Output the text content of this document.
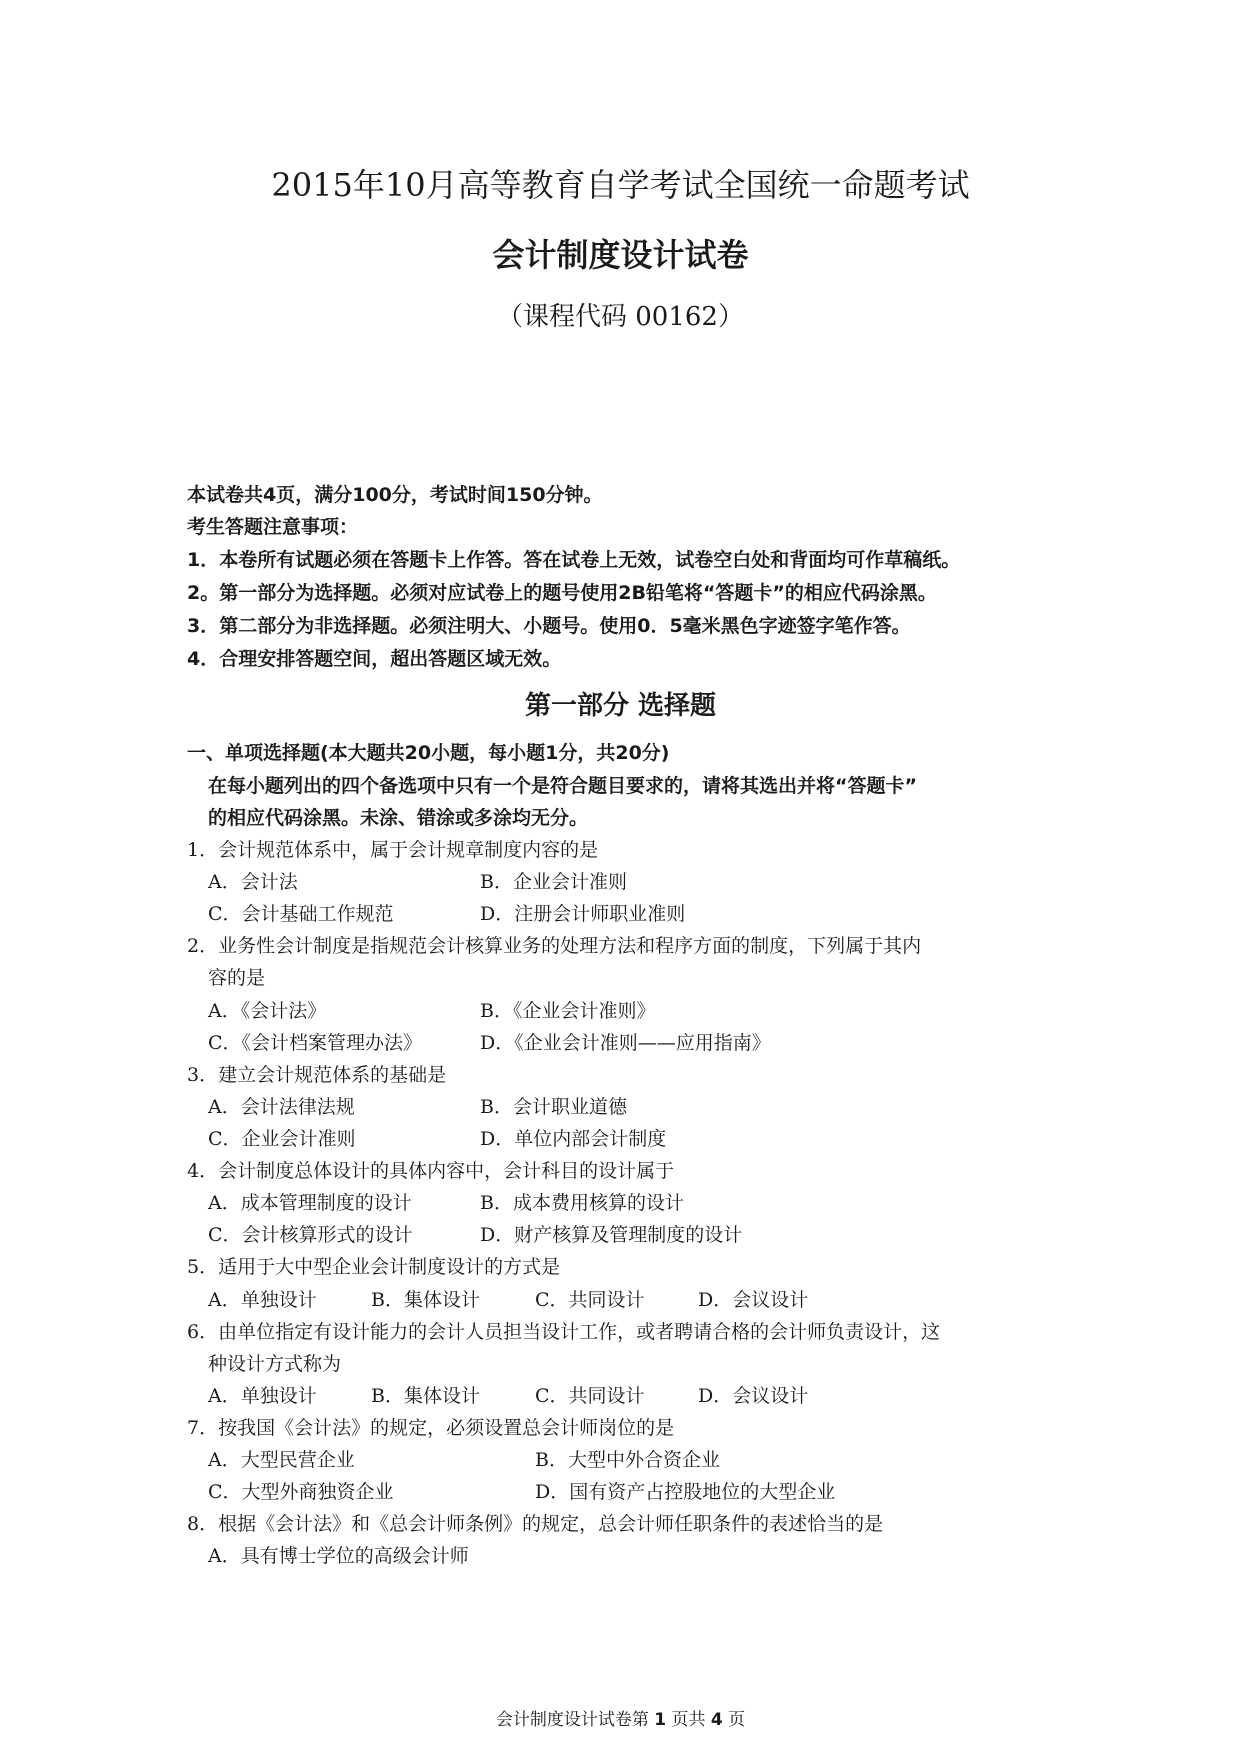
2015年10月高等教育自学考试全国统一命题考试
会计制度设计试卷
（课程代码 00162）
本试卷共4页，满分100分，考试时间150分钟。
考生答题注意事项：
1．本卷所有试题必须在答题卡上作答。答在试卷上无效，试卷空白处和背面均可作草稿纸。
2。第一部分为选择题。必须对应试卷上的题号使用2B铅笔将“答题卡”的相应代码涂黑。
3．第二部分为非选择题。必须注明大、小题号。使用0．5毫米黑色字迹签字笔作答。
4．合理安排答题空间，超出答题区域无效。
第一部分 选择题
一、单项选择题(本大题共20小题，每小题1分，共20分)
在每小题列出的四个备选项中只有一个是符合题目要求的，请将其选出并将“答题卡”
的相应代码涂黑。未涂、错涂或多涂均无分。
1．会计规范体系中，属于会计规章制度内容的是
A．会计法	B．企业会计准则
C．会计基础工作规范	D．注册会计师职业准则
2．业务性会计制度是指规范会计核算业务的处理方法和程序方面的制度，下列属于其内
容的是
A．《会计法》	B．《企业会计准则》
C．《会计档案管理办法》	D．《企业会计准则——应用指南》
3．建立会计规范体系的基础是
A．会计法律法规	B．会计职业道德
C．企业会计准则	D．单位内部会计制度
4．会计制度总体设计的具体内容中，会计科目的设计属于
A．成本管理制度的设计	B．成本费用核算的设计
C．会计核算形式的设计	D．财产核算及管理制度的设计
5．适用于大中型企业会计制度设计的方式是
A．单独设计	B．集体设计	C．共同设计	D．会议设计
6．由单位指定有设计能力的会计人员担当设计工作，或者聘请合格的会计师负责设计，这
种设计方式称为
A．单独设计	B．集体设计	C．共同设计	D．会议设计
7．按我国《会计法》的规定，必须设置总会计师岗位的是
A．大型民营企业	B．大型中外合资企业
C．大型外商独资企业	D．国有资产占控股地位的大型企业
8．根据《会计法》和《总会计师条例》的规定，总会计师任职条件的表述恰当的是
A．具有博士学位的高级会计师
会计制度设计试卷第 1 页共 4 页
